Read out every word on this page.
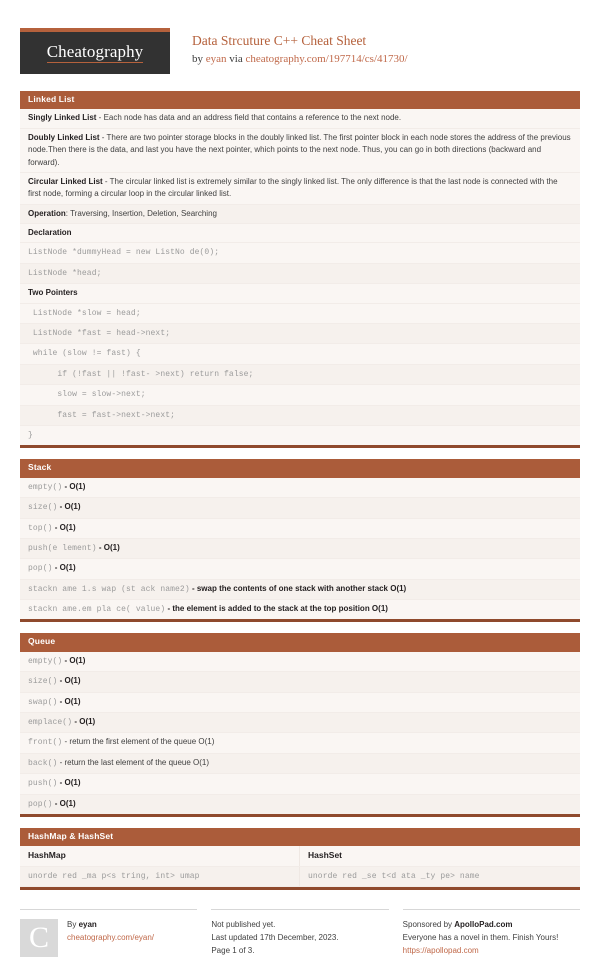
Cheatography
Data Strcuture C++ Cheat Sheet
by eyan via cheatography.com/197714/cs/41730/
Linked List
Singly Linked List - Each node has data and an address field that contains a reference to the next node.
Doubly Linked List - There are two pointer storage blocks in the doubly linked list. The first pointer block in each node stores the address of the previous node.Then there is the data, and last you have the next pointer, which points to the next node. Thus, you can go in both directions (backward and forward).
Circular Linked List - The circular linked list is extremely similar to the singly linked list. The only difference is that the last node is connected with the first node, forming a circular loop in the circular linked list.
Operation: Traversing, Insertion, Deletion, Searching
Declaration
ListNode *dummyHead = new ListNo de(0);
ListNode *head;
Two Pointers
ListNode *slow = head;
ListNode *fast = head->next;
while (slow != fast) {
if (!fast || !fast- >next) return false;
slow = slow->next;
fast = fast->next->next;
}
Stack
empty() - O(1)
size() - O(1)
top() - O(1)
push(e lement) - O(1)
pop() - O(1)
stackn ame 1.s wap (st ack name2) - swap the contents of one stack with another stack O(1)
stackn ame.em pla ce( value) - the element is added to the stack at the top position O(1)
Queue
empty() - O(1)
size() - O(1)
swap() - O(1)
emplace() - O(1)
front() - return the first element of the queue O(1)
back() - return the last element of the queue O(1)
push() - O(1)
pop() - O(1)
HashMap & HashSet
HashMap	HashSet
unorde red _ma p<s tring, int> umap	unorde red _se t<d ata _ty pe> name
C	By eyan
cheatography.com/eyan/
Not published yet.
Last updated 17th December, 2023.
Page 1 of 3.
Sponsored by ApolloPad.com
Everyone has a novel in them. Finish Yours!
https://apollopad.com
